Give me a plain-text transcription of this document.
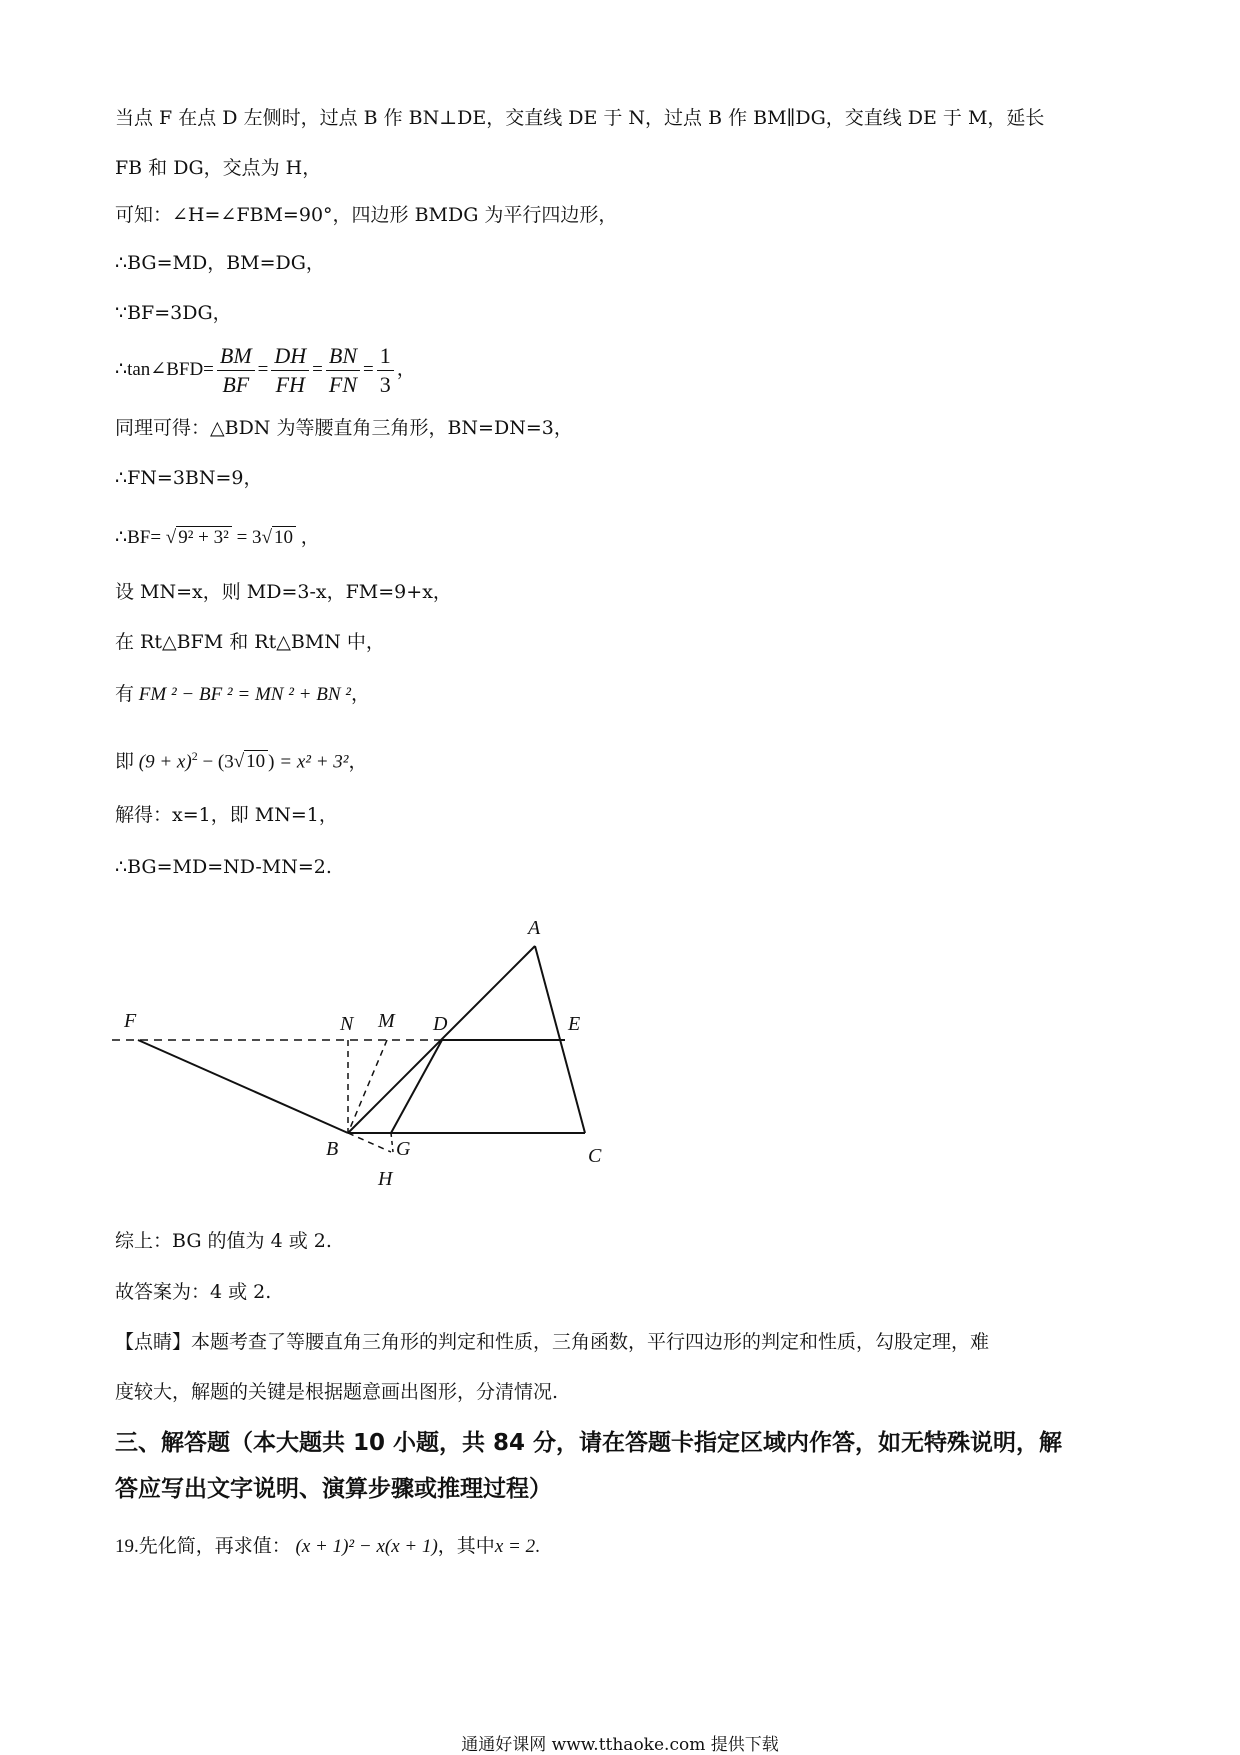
当点 F 在点 D 左侧时，过点 B 作 BN⊥DE，交直线 DE 于 N，过点 B 作 BM∥DG，交直线 DE 于 M，延长
FB 和 DG，交点为 H，
可知：∠H=∠FBM=90°，四边形 BMDG 为平行四边形，
∴BG=MD，BM=DG，
∵BF=3DG，
∴tan∠BFD= $\frac{BM}{BF} = \frac{DH}{FH} = \frac{BN}{FN} = \frac{1}{3}$ ，
同理可得：△BDN 为等腰直角三角形，BN=DN=3，
∴FN=3BN=9，
∴BF= √ 9² + 3² = 3√ 10 ，
设 MN=x，则 MD=3-x，FM=9+x，
在 Rt△BFM 和 Rt△BMN 中，
有 FM ² − BF ² = MN ² + BN ²，
即 $(9 + x)^2 - (3√$ 10 ) = x² + 3²，
解得：x=1，即 MN=1，
∴BG=MD=ND-MN=2.
A
F	N M D	E
B	G
H
C
综上：BG 的值为 4 或 2.
故答案为：4 或 2.
【点睛】本题考查了等腰直角三角形的判定和性质，三角函数，平行四边形的判定和性质，勾股定理，难
度较大，解题的关键是根据题意画出图形，分清情况.
三、解答题（本大题共 10 小题，共 84 分，请在答题卡指定区域内作答，如无特殊说明，解
答应写出文字说明、演算步骤或推理过程）
19.先化简，再求值： (x + 1)² − x(x + 1)，其中x = 2.
通通好课网 www.tthaoke.com 提供下载
